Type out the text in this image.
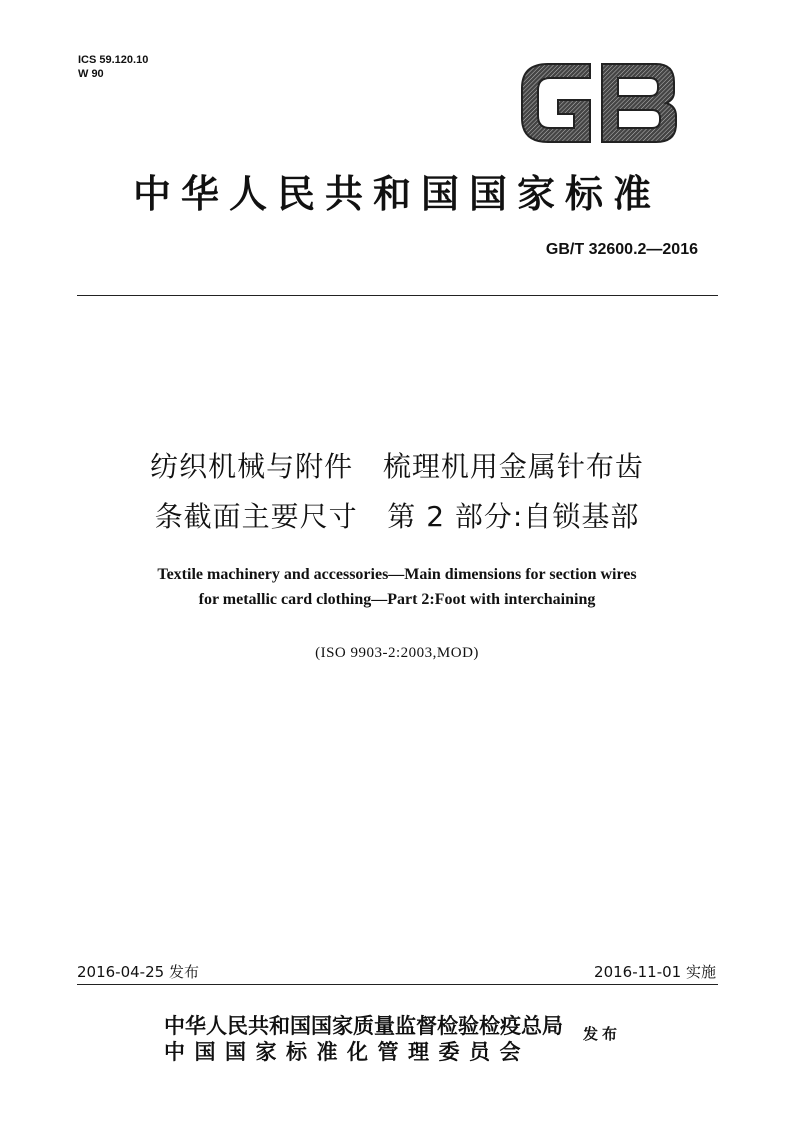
ICS 59.120.10
W 90
中华人民共和国国家标准
GB/T 32600.2—2016
纺织机械与附件   梳理机用金属针布齿
条截面主要尺寸   第 2 部分:自锁基部
Textile machinery and accessories—Main dimensions for section wires
for metallic card clothing—Part 2:Foot with interchaining
(ISO 9903-2:2003,MOD)
2016-04-25 发布	2016-11-01 实施
中华人民共和国国家质量监督检验检疫总局
中国国家标准化管理委员会
发布
